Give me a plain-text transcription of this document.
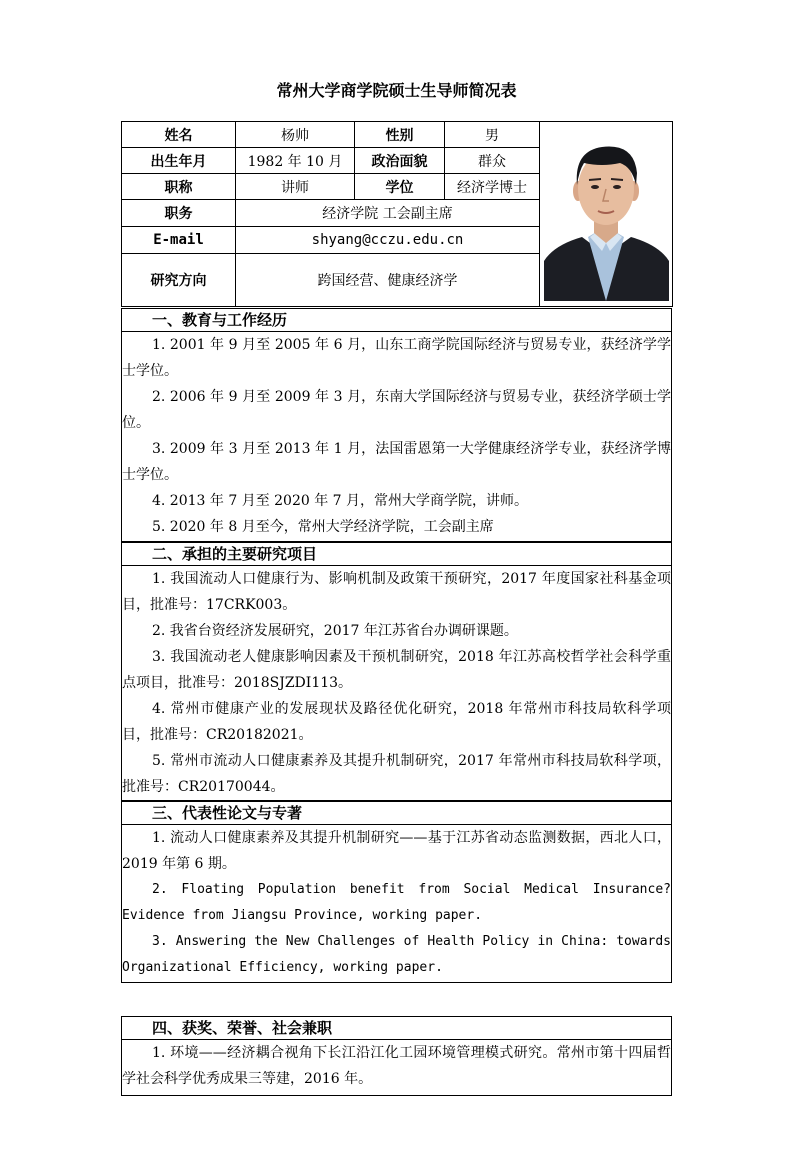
常州大学商学院硕士生导师简况表
姓名	杨帅	性别	男	

出生年月	1982 年 10 月	政治面貌	群众	
职称	讲师	学位	经济学博士	
职务	经济学院 工会副主席			
E-mail	shyang@cczu.edu.cn			
研究方向	跨国经营、健康经济学			
一、教育与工作经历

1. 2001 年 9 月至 2005 年 6 月，山东工商学院国际经济与贸易专业，获经济学学士学位。

2. 2006 年 9 月至 2009 年 3 月，东南大学国际经济与贸易专业，获经济学硕士学位。

3. 2009 年 3 月至 2013 年 1 月，法国雷恩第一大学健康经济学专业，获经济学博士学位。

4. 2013 年 7 月至 2020 年 7 月，常州大学商学院，讲师。

5. 2020 年 8 月至今，常州大学经济学院，工会副主席

二、承担的主要研究项目

1. 我国流动人口健康行为、影响机制及政策干预研究，2017 年度国家社科基金项目，批准号：17CRK003。

2. 我省台资经济发展研究，2017 年江苏省台办调研课题。

3. 我国流动老人健康影响因素及干预机制研究，2018 年江苏高校哲学社会科学重点项目，批准号：2018SJZDI113。

4. 常州市健康产业的发展现状及路径优化研究，2018 年常州市科技局软科学项目，批准号：CR20182021。

5. 常州市流动人口健康素养及其提升机制研究，2017 年常州市科技局软科学项，批准号：CR20170044。

三、代表性论文与专著

1. 流动人口健康素养及其提升机制研究——基于江苏省动态监测数据，西北人口，2019 年第 6 期。

2. Floating Population benefit from Social Medical Insurance? Evidence from Jiangsu Province, working paper.

3. Answering the New Challenges of Health Policy in China: towards Organizational Efficiency, working paper.

四、获奖、荣誉、社会兼职

1. 环境——经济耦合视角下长江沿江化工园环境管理模式研究。常州市第十四届哲学社会科学优秀成果三等建，2016 年。
